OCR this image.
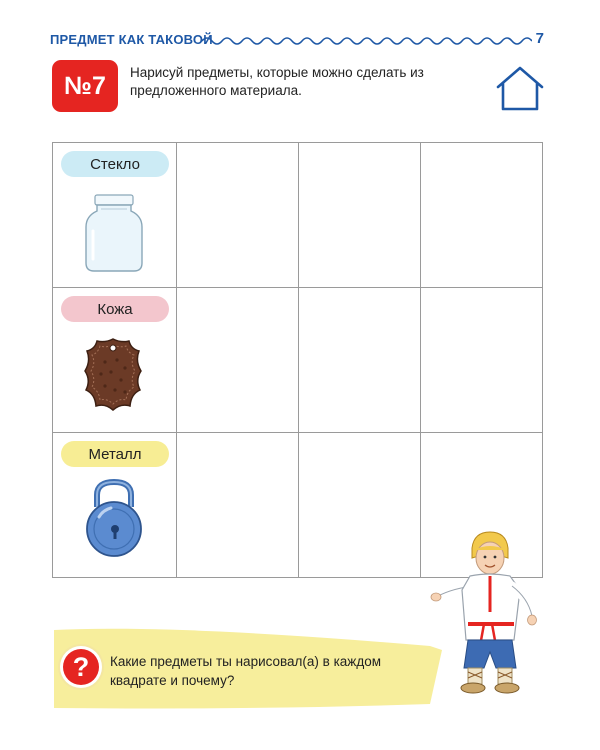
ПРЕДМЕТ КАК ТАКОВОЙ	7
№7	Нарисуй предметы, которые можно сделать из предложенного материала.
Стекло			

Кожа			

Металл			

?	Какие предметы ты нарисовал(а) в каждом квадрате и почему?
